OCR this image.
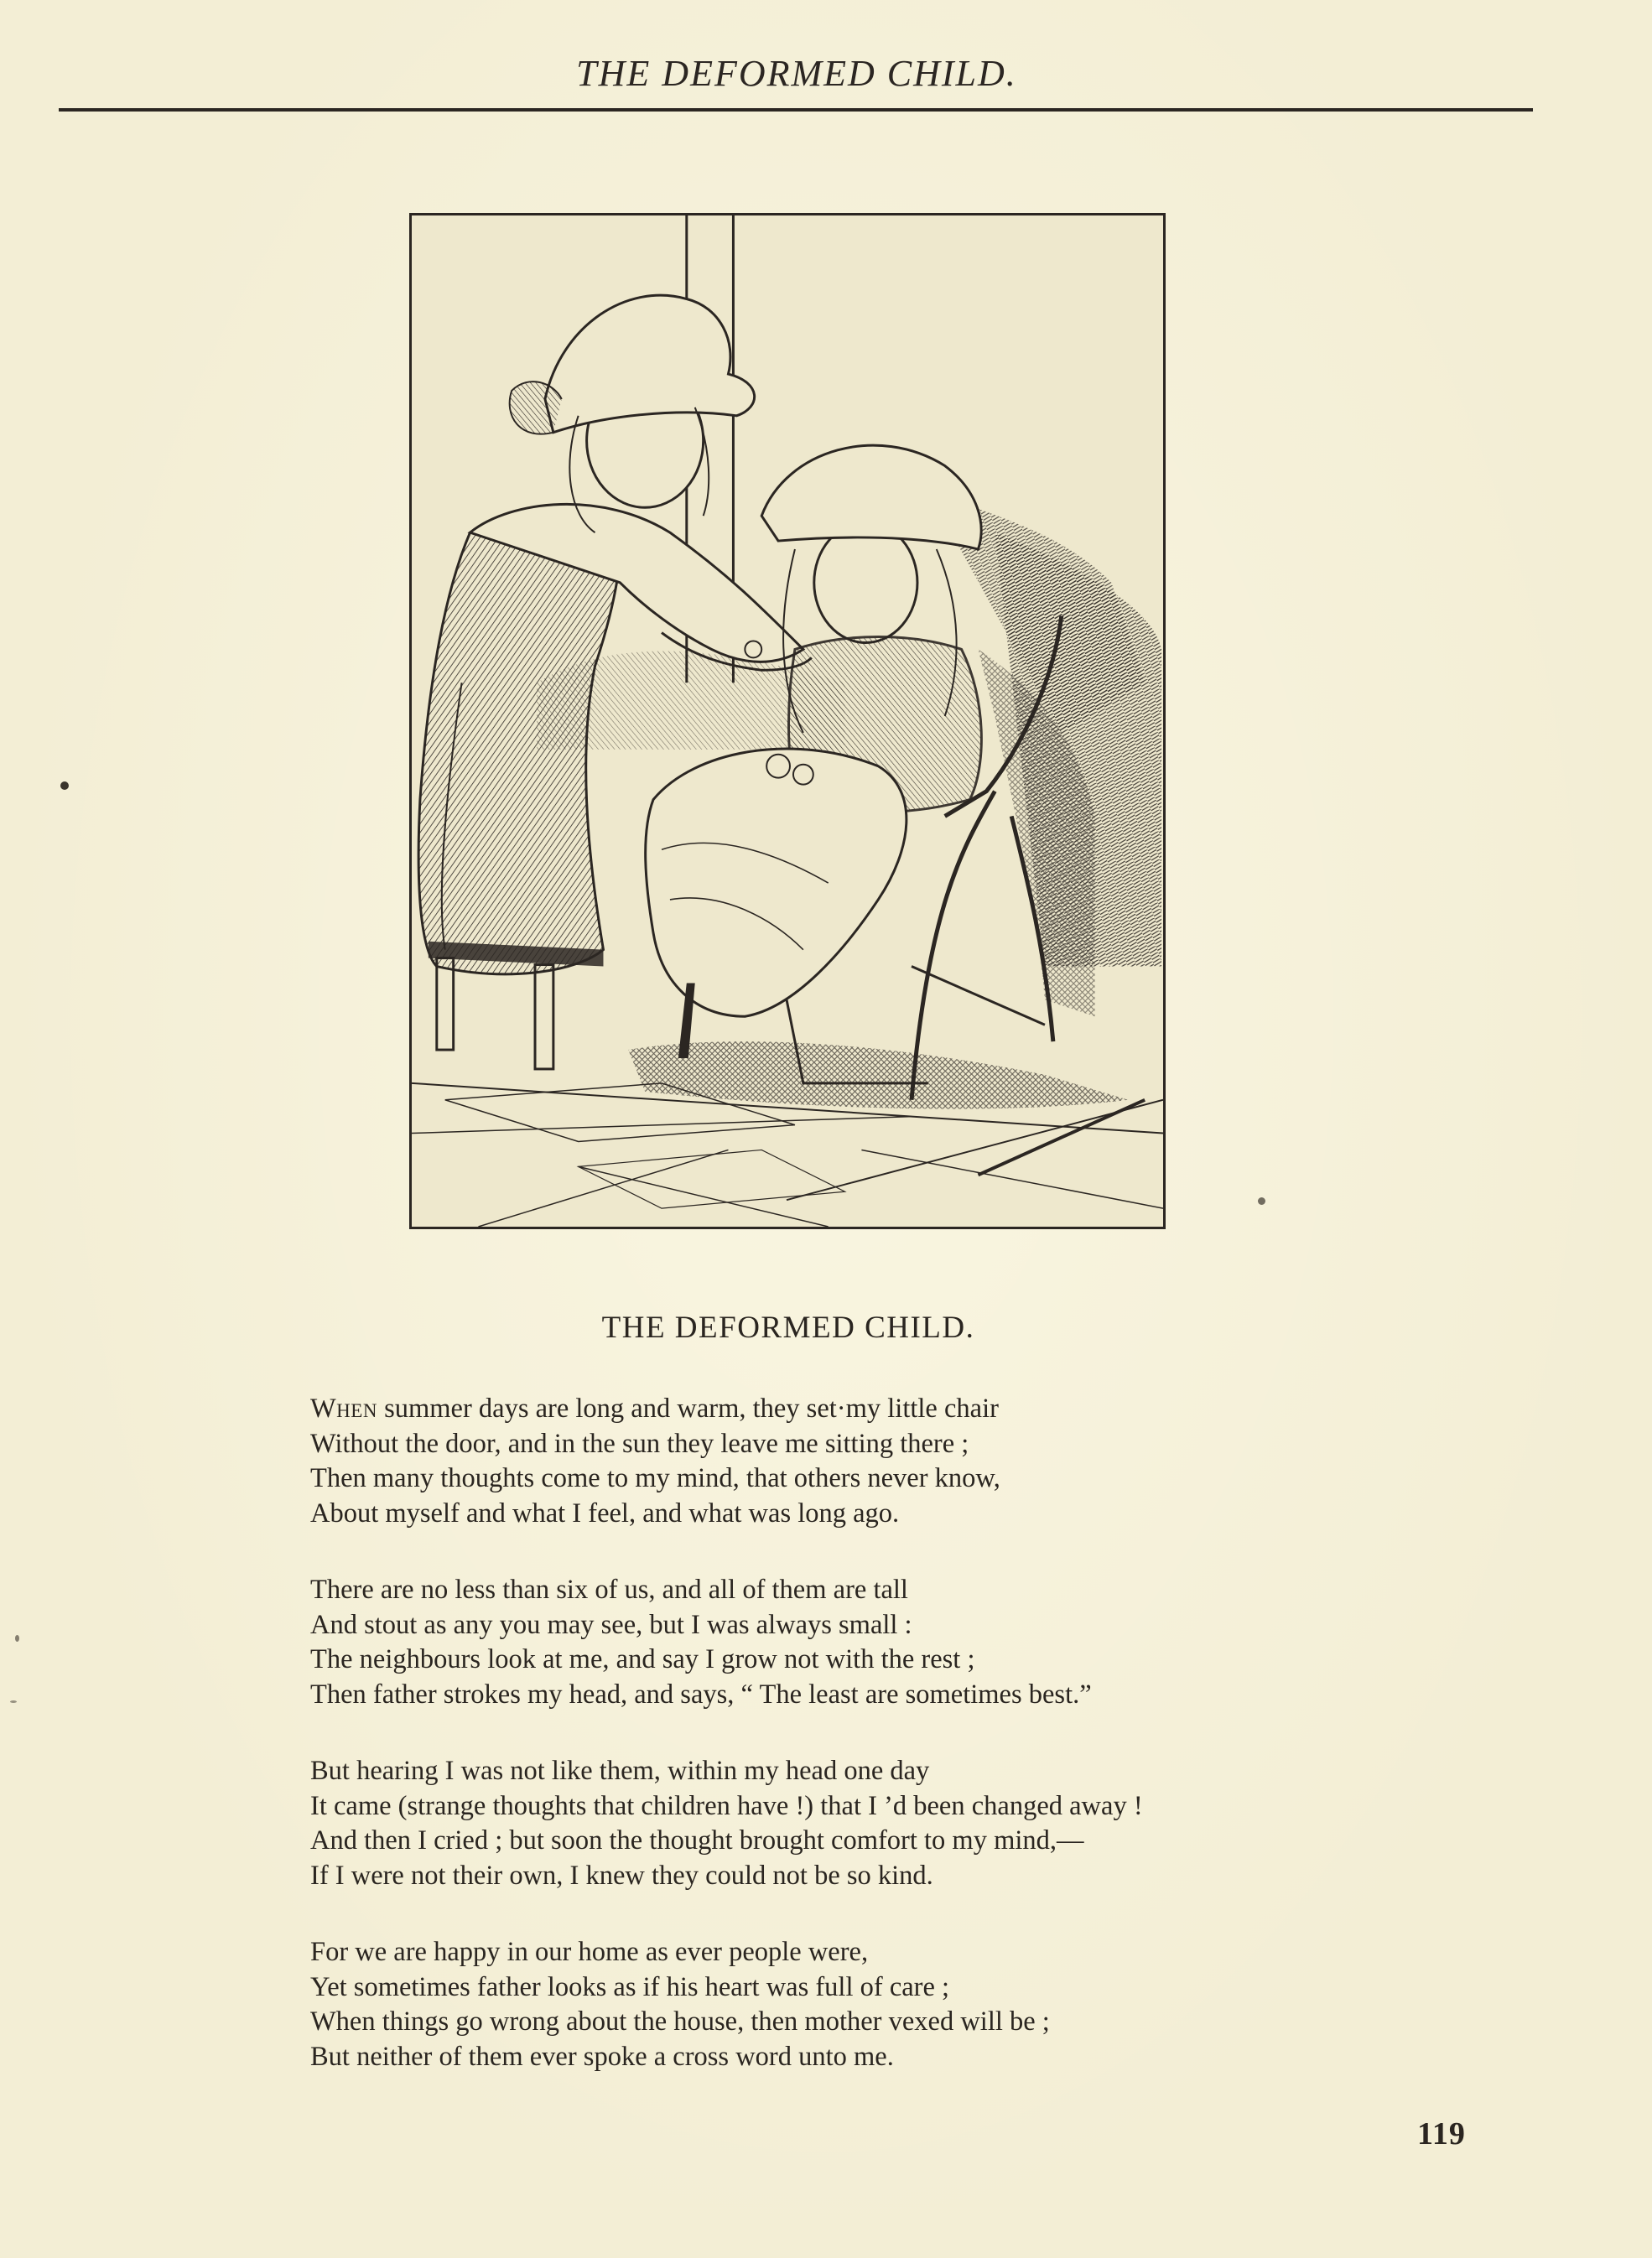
THE DEFORMED CHILD.
THE DEFORMED CHILD.
When summer days are long and warm, they set·my little chair
Without the door, and in the sun they leave me sitting there ;
Then many thoughts come to my mind, that others never know,
About myself and what I feel, and what was long ago.
There are no less than six of us, and all of them are tall
And stout as any you may see, but I was always small :
The neighbours look at me, and say I grow not with the rest ;
Then father strokes my head, and says, “ The least are sometimes best.”
But hearing I was not like them, within my head one day
It came (strange thoughts that children have !) that I ’d been changed away !
And then I cried ; but soon the thought brought comfort to my mind,—
If I were not their own, I knew they could not be so kind.
For we are happy in our home as ever people were,
Yet sometimes father looks as if his heart was full of care ;
When things go wrong about the house, then mother vexed will be ;
But neither of them ever spoke a cross word unto me.
119
